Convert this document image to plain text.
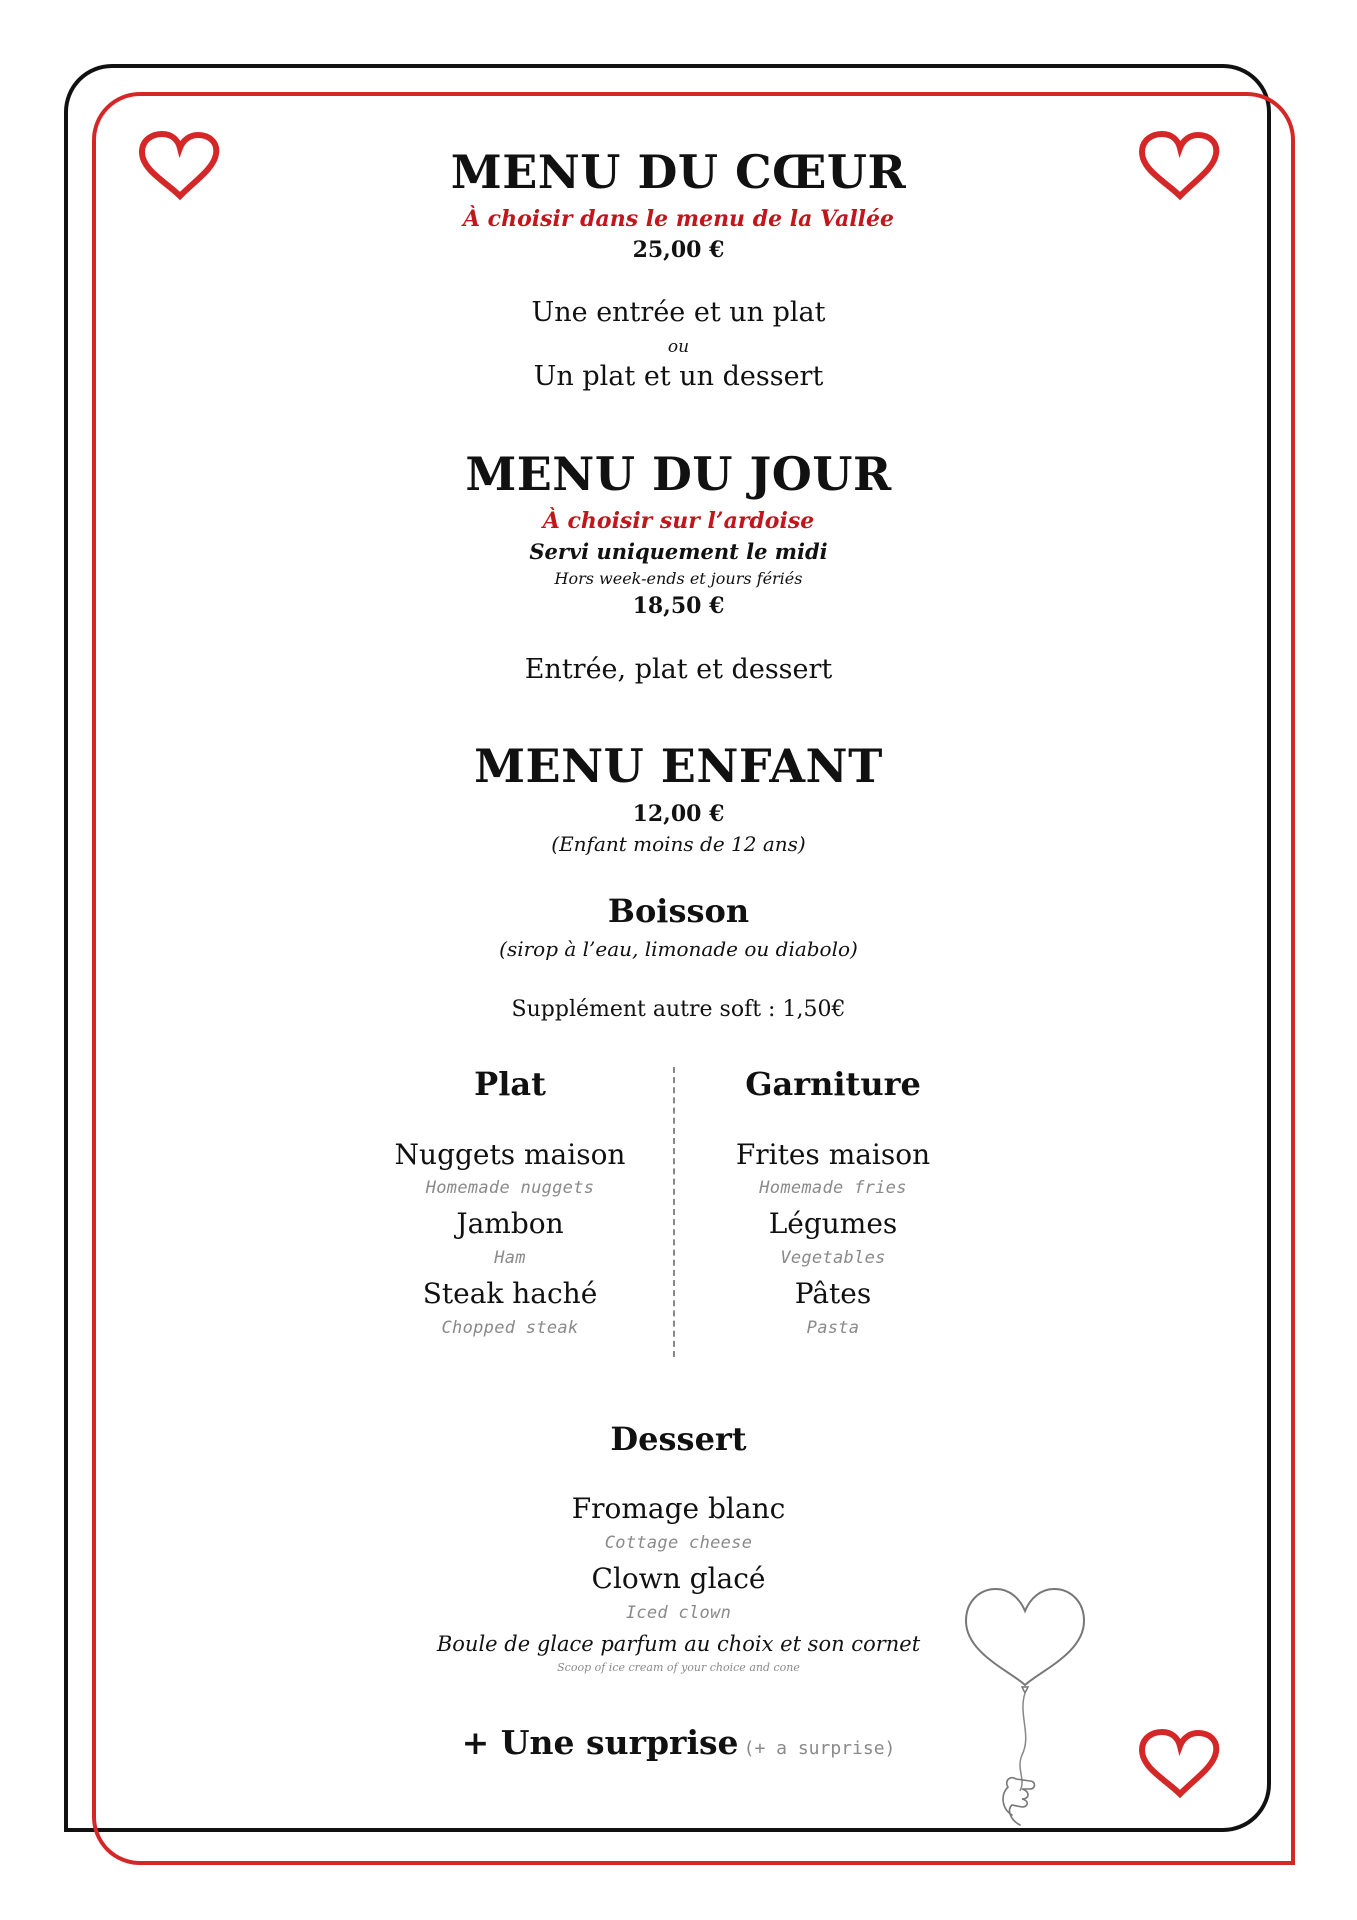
MENU DU CŒUR
À choisir dans le menu de la Vallée
25,00 €
Une entrée et un plat
ou
Un plat et un dessert
MENU DU JOUR
À choisir sur l’ardoise
Servi uniquement le midi
Hors week-ends et jours fériés
18,50 €
Entrée, plat et dessert
MENU ENFANT
12,00 €
(Enfant moins de 12 ans)
Boisson
(sirop à l’eau, limonade ou diabolo)
Supplément autre soft : 1,50€
Plat
Nuggets maison
Homemade nuggets
Jambon
Ham
Steak haché
Chopped steak
Garniture
Frites maison
Homemade fries
Légumes
Vegetables
Pâtes
Pasta
Dessert
Fromage blanc
Cottage cheese
Clown glacé
Iced clown
Boule de glace parfum au choix et son cornet
Scoop of ice cream of your choice and cone
+ Une surprise (+ a surprise)
